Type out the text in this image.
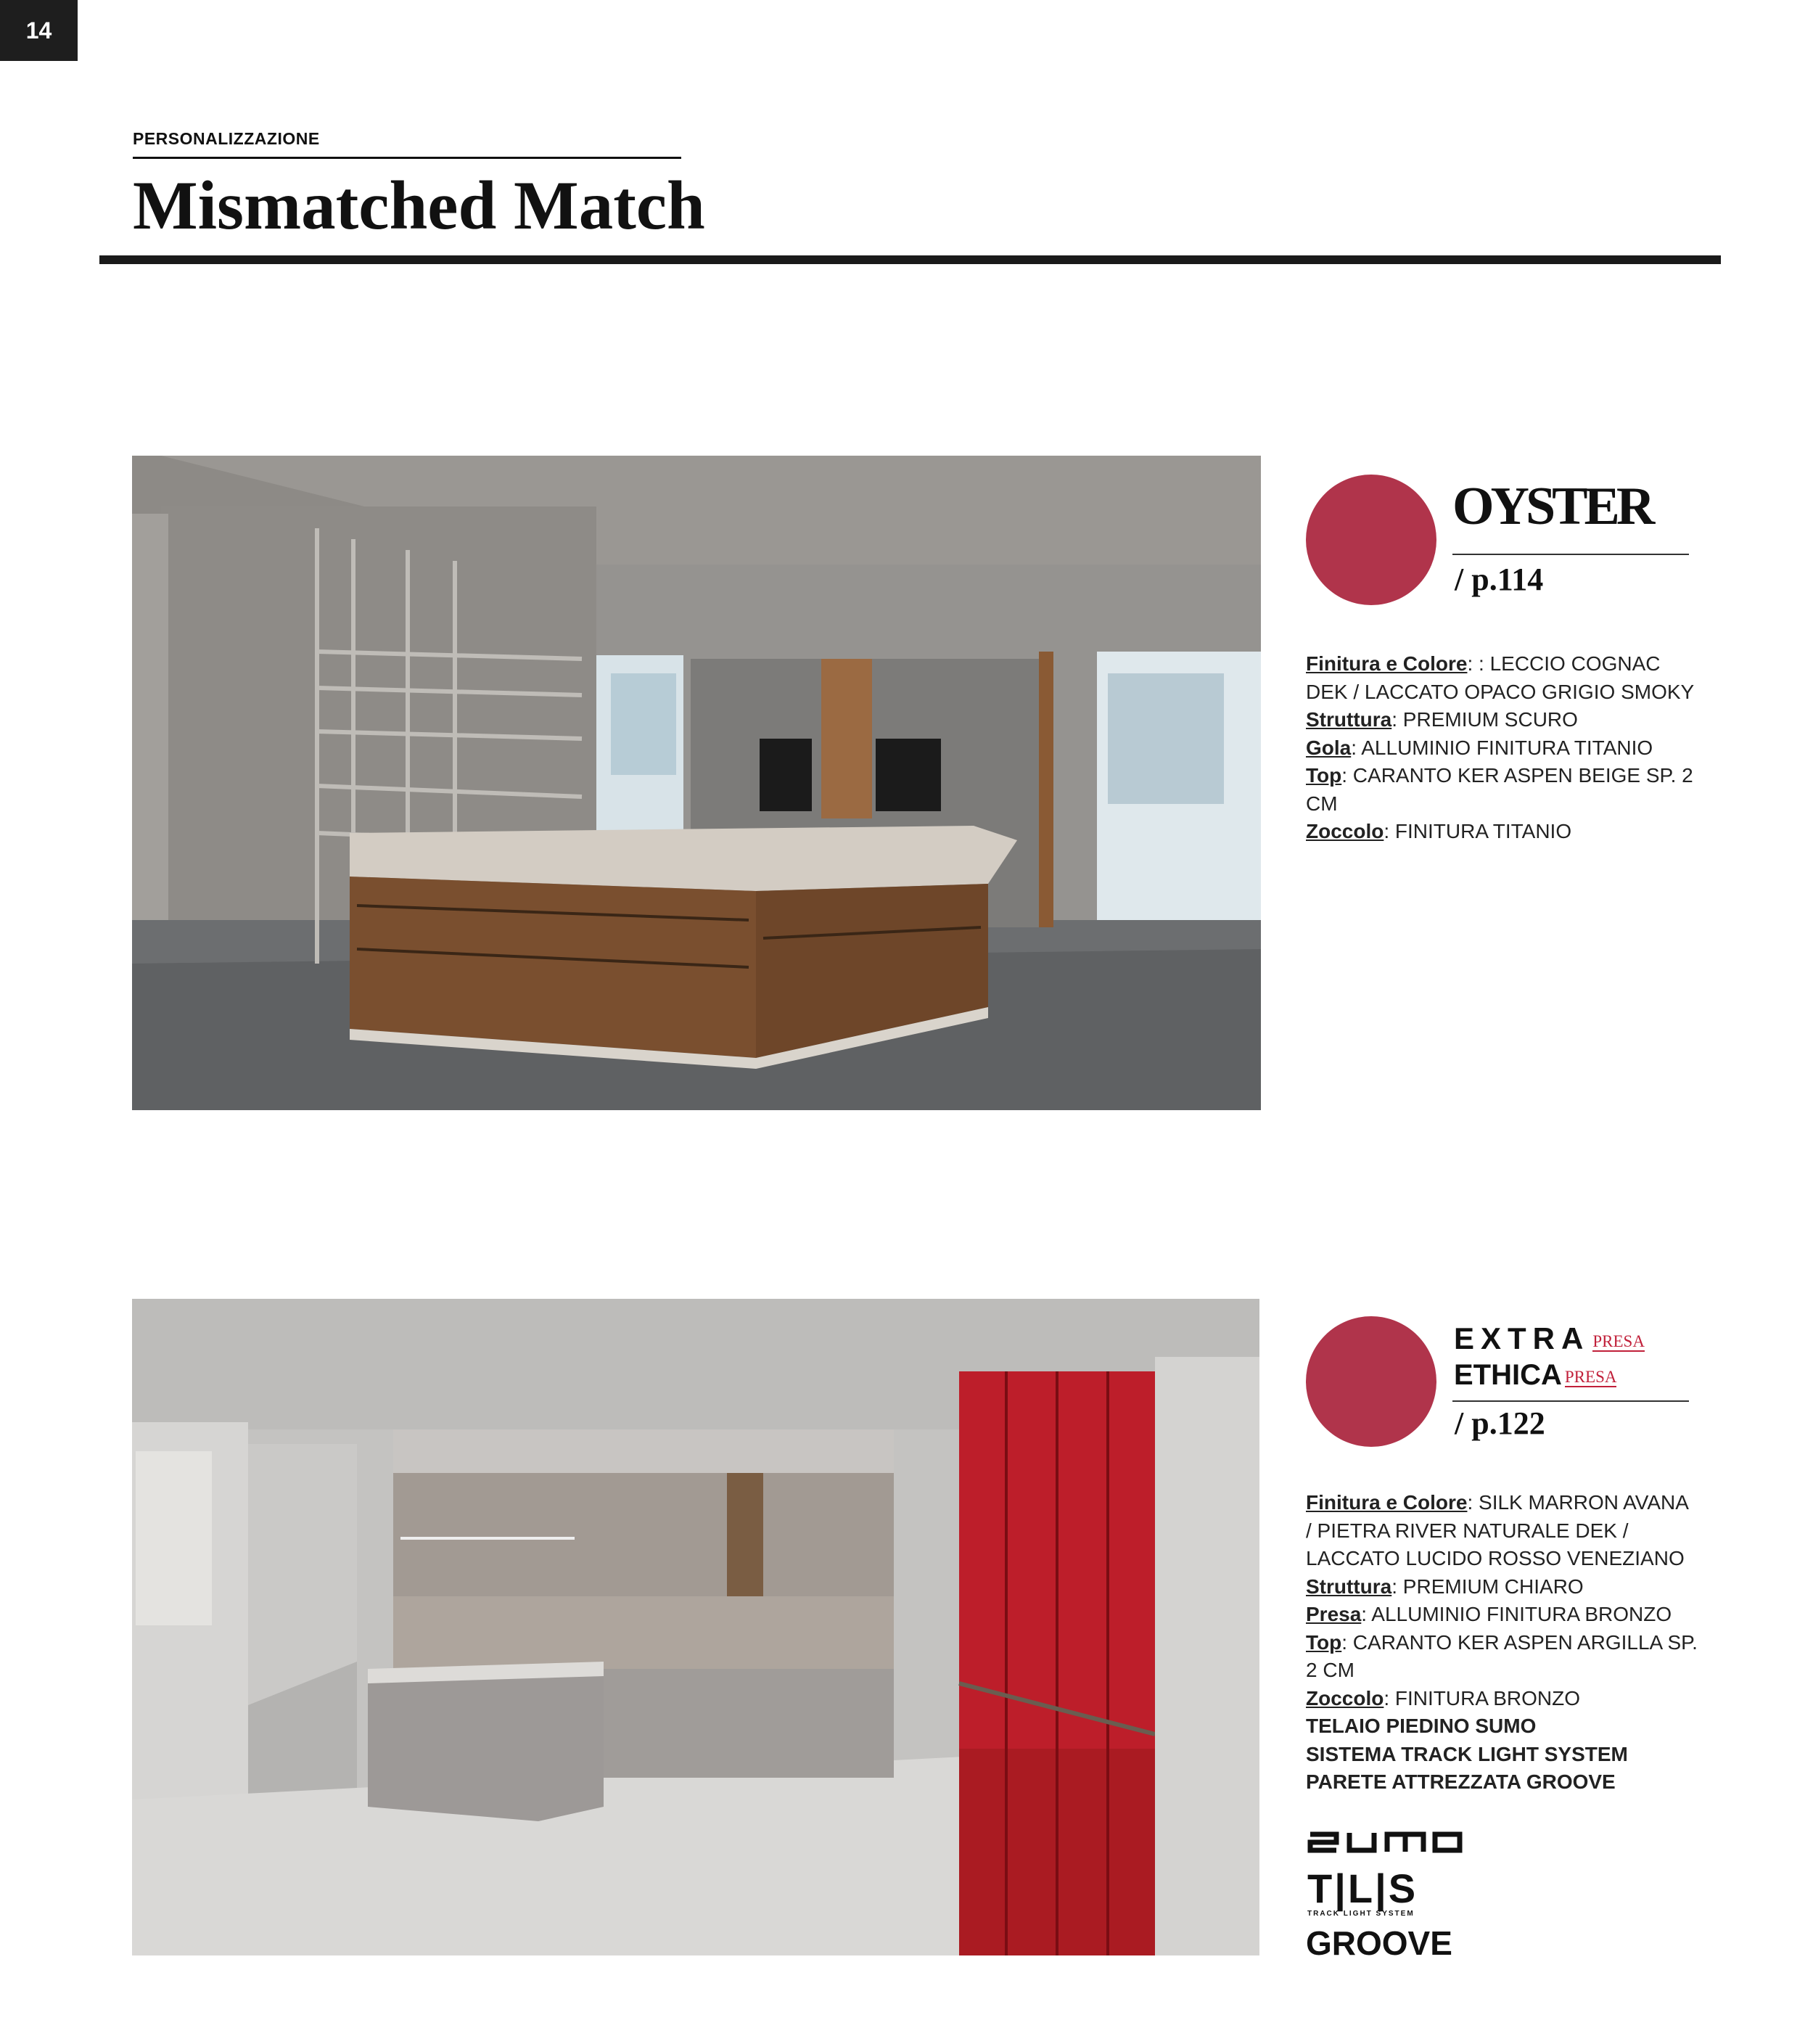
14
PERSONALIZZAZIONE
Mismatched Match
OYSTER
/ p.114

Finitura e Colore: : LECCIO COGNAC DEK / LACCATO OPACO GRIGIO SMOKY

Struttura: PREMIUM SCURO

Gola: ALLUMINIO FINITURA TITANIO

Top: CARANTO KER ASPEN BEIGE SP. 2 CM

Zoccolo: FINITURA TITANIO

EXTRA PRESA
ETHICA PRESA
/ p.122

Finitura e Colore: SILK MARRON AVANA / PIETRA RIVER NATURALE DEK / LACCATO LUCIDO ROSSO VENEZIANO

Struttura: PREMIUM CHIARO

Presa: ALLUMINIO FINITURA BRONZO

Top: CARANTO KER ASPEN ARGILLA SP. 2 CM

Zoccolo: FINITURA BRONZO

TELAIO PIEDINO SUMO

SISTEMA TRACK LIGHT SYSTEM

PARETE ATTREZZATA GROOVE

T|L|S
TRACK LIGHT SYSTEM
GROOVE
